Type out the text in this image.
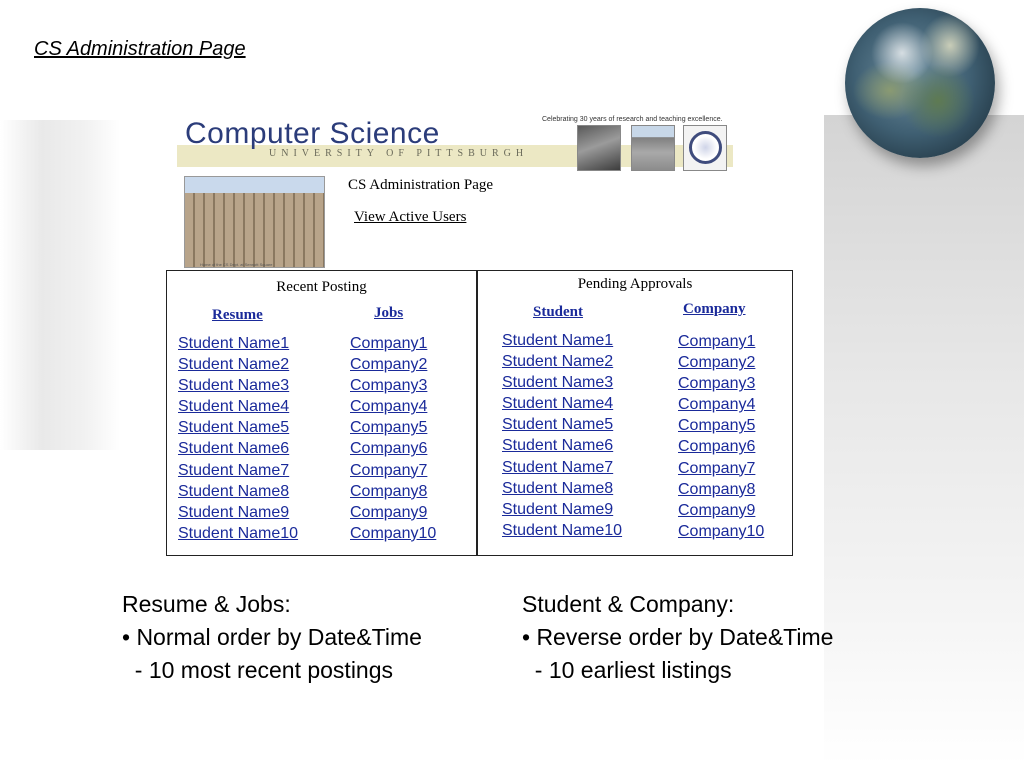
CS Administration Page
Computer Science
UNIVERSITY OF PITTSBURGH
Celebrating 30 years of research and teaching excellence.
Home of the CS Dept. at Sennott Square
CS Administration Page
View Active Users
Recent Posting
Resume	Jobs
Student Name1
Student Name2
Student Name3
Student Name4
Student Name5
Student Name6
Student Name7
Student Name8
Student Name9
Student Name10
Company1
Company2
Company3
Company4
Company5
Company6
Company7
Company8
Company9
Company10
Pending Approvals
Student	Company
Student Name1
Student Name2
Student Name3
Student Name4
Student Name5
Student Name6
Student Name7
Student Name8
Student Name9
Student Name10
Company1
Company2
Company3
Company4
Company5
Company6
Company7
Company8
Company9
Company10
Resume & Jobs:
• Normal order by Date&Time
- 10 most recent postings
Student & Company:
• Reverse order by Date&Time
- 10 earliest listings
